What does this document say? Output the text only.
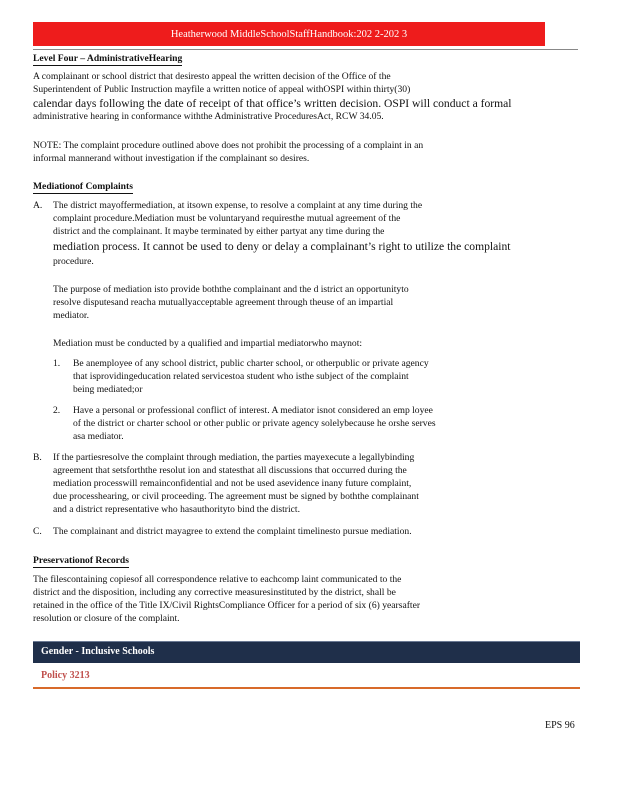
Heatherwood MiddleSchoolStaffHandbook:202 2-202 3
Level Four – AdministrativeHearing
A complainant or school district that desiresto appeal the written decision of the Office of the
Superintendent of Public Instruction mayfile a written notice of appeal withOSPI within thirty(30)
calendar days following the date of receipt of that office’s written decision. OSPI will conduct a formal
administrative hearing in conformance withthe Administrative ProceduresAct, RCW 34.05.
NOTE: The complaint procedure outlined above does not prohibit the processing of a complaint in an
informal mannerand without investigation if the complainant so desires.
Mediationof Complaints
A. The district mayoffermediation, at itsown expense, to resolve a complaint at any time during the
complaint procedure.Mediation must be voluntaryand requiresthe mutual agreement of the
district and the complainant. It maybe terminated by either partyat any time during the
mediation process. It cannot be used to deny or delay a complainant’s right to utilize the complaint
procedure.
The purpose of mediation isto provide boththe complainant and the d istrict an opportunityto
resolve disputesand reacha mutuallyacceptable agreement through theuse of an impartial
mediator.
Mediation must be conducted by a qualified and impartial mediatorwho maynot:
1. Be anemployee of any school district, public charter school, or otherpublic or private agency
that isprovidingeducation related servicestoa student who isthe subject of the complaint
being mediated;or
2. Have a personal or professional conflict of interest. A mediator isnot considered an emp loyee
of the district or charter school or other public or private agency solelybecause he orshe serves
asa mediator.
B. If the partiesresolve the complaint through mediation, the parties mayexecute a legallybinding
agreement that setsforththe resolut ion and statesthat all discussions that occurred during the
mediation processwill remainconfidential and not be used asevidence inany future complaint,
due processhearing, or civil proceeding. The agreement must be signed by boththe complainant
and a district representative who hasauthorityto bind the district.
C. The complainant and district mayagree to extend the complaint timelinesto pursue mediation.
Preservationof Records
The filescontaining copiesof all correspondence relative to eachcomp laint communicated to the
district and the disposition, including any corrective measuresinstituted by the district, shall be
retained in the office of the Title IX/Civil RightsCompliance Officer for a period of six (6) yearsafter
resolution or closure of the complaint.
Gender - Inclusive Schools
Policy 3213
EPS 96
